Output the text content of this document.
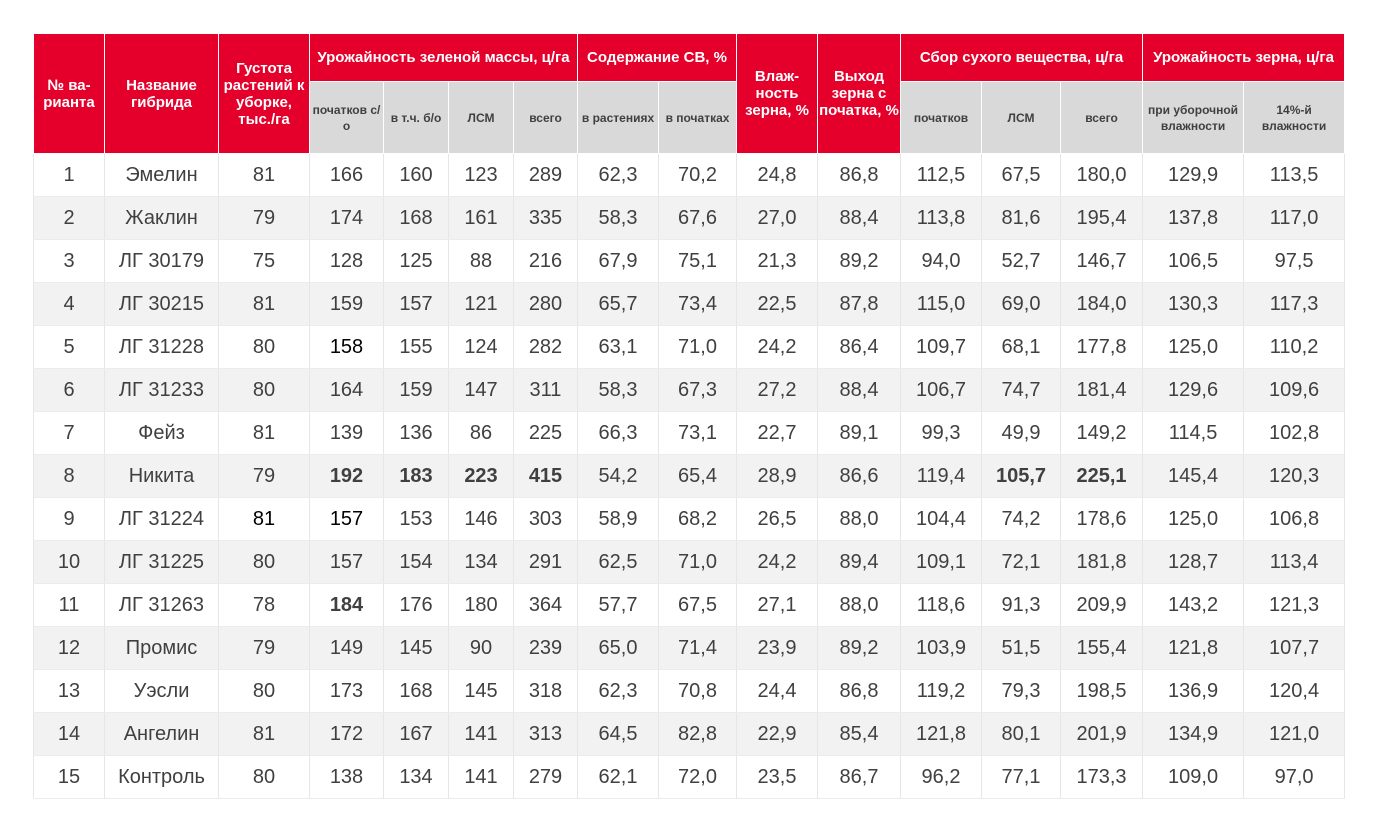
№ ва-рианта	Название гибрида	Густота растений к уборке, тыс./га	Урожайность зеленой массы, ц/га				Содержание СВ, %		Влаж-ность зерна, %	Выход зерна с початка, %	Сбор сухого вещества, ц/га			Урожайность зерна, ц/га	
			початков с/о	в т.ч. б/о	ЛСМ	всего	в растениях	в початках			початков	ЛСМ	всего	при уборочной влажности	14%-й влажности
1	Эмелин	81	166	160	123	289	62,3	70,2	24,8	86,8	112,5	67,5	180,0	129,9	113,5
2	Жаклин	79	174	168	161	335	58,3	67,6	27,0	88,4	113,8	81,6	195,4	137,8	117,0
3	ЛГ 30179	75	128	125	88	216	67,9	75,1	21,3	89,2	94,0	52,7	146,7	106,5	97,5
4	ЛГ 30215	81	159	157	121	280	65,7	73,4	22,5	87,8	115,0	69,0	184,0	130,3	117,3
5	ЛГ 31228	80	158	155	124	282	63,1	71,0	24,2	86,4	109,7	68,1	177,8	125,0	110,2
6	ЛГ 31233	80	164	159	147	311	58,3	67,3	27,2	88,4	106,7	74,7	181,4	129,6	109,6
7	Фейз	81	139	136	86	225	66,3	73,1	22,7	89,1	99,3	49,9	149,2	114,5	102,8
8	Никита	79	192	183	223	415	54,2	65,4	28,9	86,6	119,4	105,7	225,1	145,4	120,3
9	ЛГ 31224	81	157	153	146	303	58,9	68,2	26,5	88,0	104,4	74,2	178,6	125,0	106,8
10	ЛГ 31225	80	157	154	134	291	62,5	71,0	24,2	89,4	109,1	72,1	181,8	128,7	113,4
11	ЛГ 31263	78	184	176	180	364	57,7	67,5	27,1	88,0	118,6	91,3	209,9	143,2	121,3
12	Промис	79	149	145	90	239	65,0	71,4	23,9	89,2	103,9	51,5	155,4	121,8	107,7
13	Уэсли	80	173	168	145	318	62,3	70,8	24,4	86,8	119,2	79,3	198,5	136,9	120,4
14	Ангелин	81	172	167	141	313	64,5	82,8	22,9	85,4	121,8	80,1	201,9	134,9	121,0
15	Контроль	80	138	134	141	279	62,1	72,0	23,5	86,7	96,2	77,1	173,3	109,0	97,0
